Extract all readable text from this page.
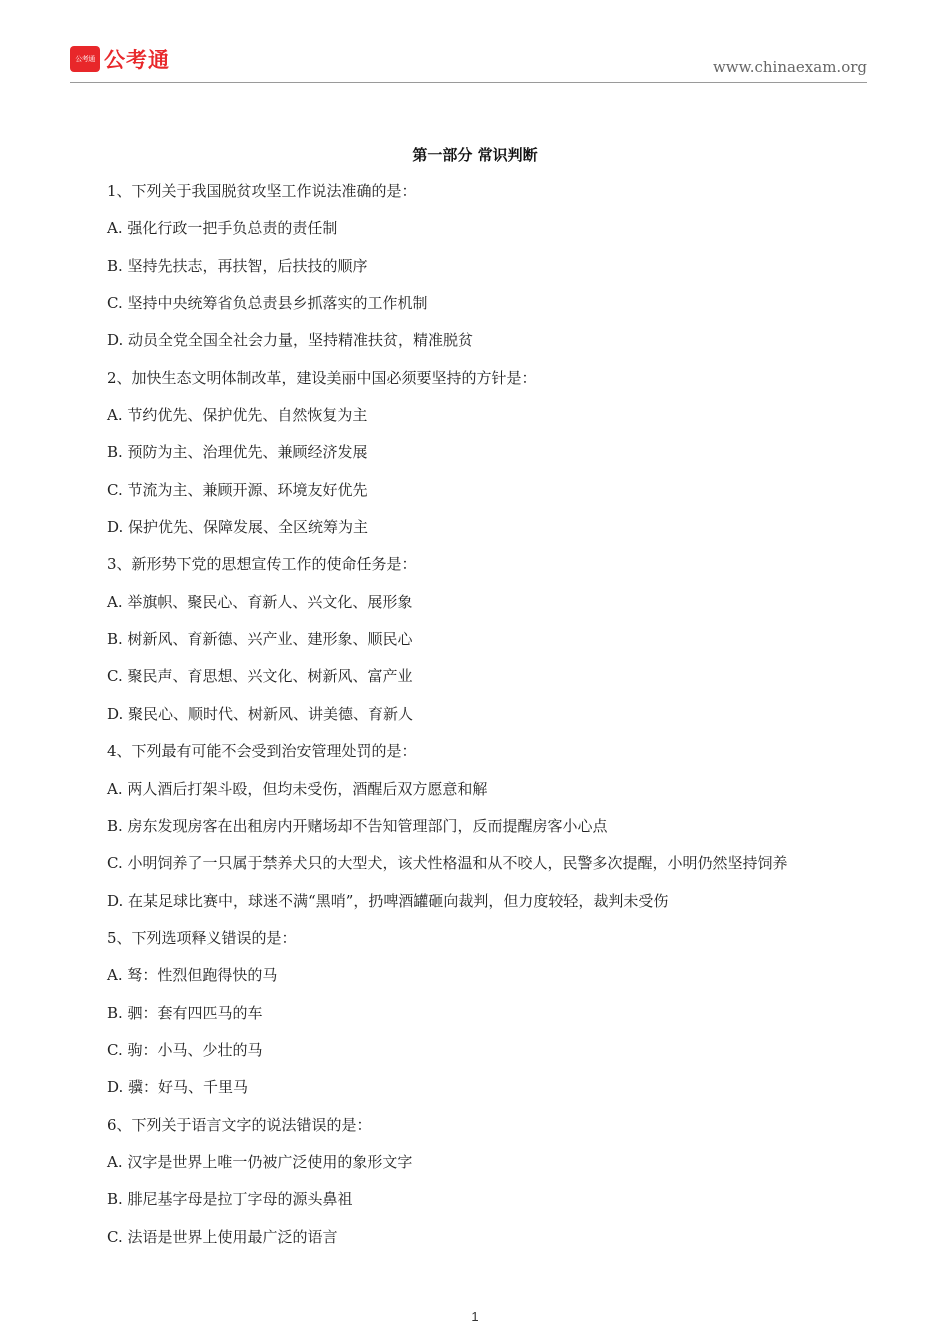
公考通 公考通	www.chinaexam.org
第一部分 常识判断
1、下列关于我国脱贫攻坚工作说法准确的是：
A. 强化行政一把手负总责的责任制
B. 坚持先扶志，再扶智，后扶技的顺序
C. 坚持中央统筹省负总责县乡抓落实的工作机制
D. 动员全党全国全社会力量，坚持精准扶贫，精准脱贫
2、加快生态文明体制改革，建设美丽中国必须要坚持的方针是：
A. 节约优先、保护优先、自然恢复为主
B. 预防为主、治理优先、兼顾经济发展
C. 节流为主、兼顾开源、环境友好优先
D. 保护优先、保障发展、全区统筹为主
3、新形势下党的思想宣传工作的使命任务是：
A. 举旗帜、聚民心、育新人、兴文化、展形象
B. 树新风、育新德、兴产业、建形象、顺民心
C. 聚民声、育思想、兴文化、树新风、富产业
D. 聚民心、顺时代、树新风、讲美德、育新人
4、下列最有可能不会受到治安管理处罚的是：
A. 两人酒后打架斗殴，但均未受伤，酒醒后双方愿意和解
B. 房东发现房客在出租房内开赌场却不告知管理部门，反而提醒房客小心点
C. 小明饲养了一只属于禁养犬只的大型犬，该犬性格温和从不咬人，民警多次提醒，小明仍然坚持饲养
D. 在某足球比赛中，球迷不满“黑哨”，扔啤酒罐砸向裁判，但力度较轻，裁判未受伤
5、下列选项释义错误的是：
A. 驽：性烈但跑得快的马
B. 驷：套有四匹马的车
C. 驹：小马、少壮的马
D. 骥：好马、千里马
6、下列关于语言文字的说法错误的是：
A. 汉字是世界上唯一仍被广泛使用的象形文字
B. 腓尼基字母是拉丁字母的源头鼻祖
C. 法语是世界上使用最广泛的语言
1
